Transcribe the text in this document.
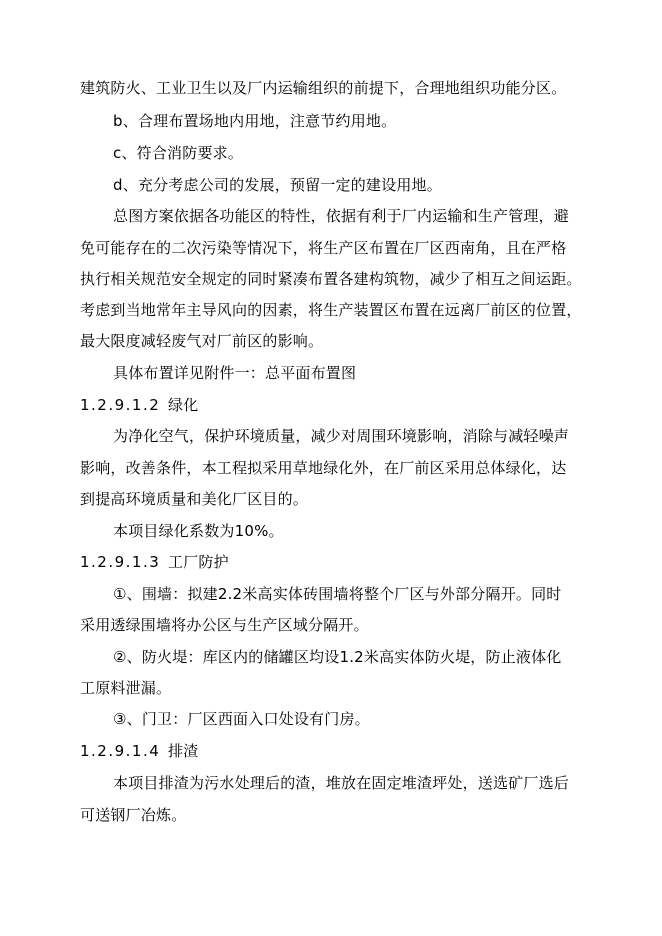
建筑防火、工业卫生以及厂内运输组织的前提下，合理地组织功能分区。
b、合理布置场地内用地，注意节约用地。
c、符合消防要求。
d、充分考虑公司的发展，预留一定的建设用地。
总图方案依据各功能区的特性，依据有利于厂内运输和生产管理，避
免可能存在的二次污染等情况下，将生产区布置在厂区西南角，且在严格
执行相关规范安全规定的同时紧凑布置各建构筑物，减少了相互之间运距。
考虑到当地常年主导风向的因素，将生产装置区布置在远离厂前区的位置，
最大限度减轻废气对厂前区的影响。
具体布置详见附件一：总平面布置图
1.2.9.1.2 绿化
为净化空气，保护环境质量，减少对周围环境影响，消除与减轻噪声
影响，改善条件，本工程拟采用草地绿化外，在厂前区采用总体绿化，达
到提高环境质量和美化厂区目的。
本项目绿化系数为10%。
1.2.9.1.3 工厂防护
①、围墙：拟建2.2米高实体砖围墙将整个厂区与外部分隔开。同时
采用透绿围墙将办公区与生产区域分隔开。
②、防火堤：库区内的储罐区均设1.2米高实体防火堤，防止液体化
工原料泄漏。
③、门卫：厂区西面入口处设有门房。
1.2.9.1.4 排渣
本项目排渣为污水处理后的渣，堆放在固定堆渣坪处，送选矿厂选后
可送钢厂冶炼。
